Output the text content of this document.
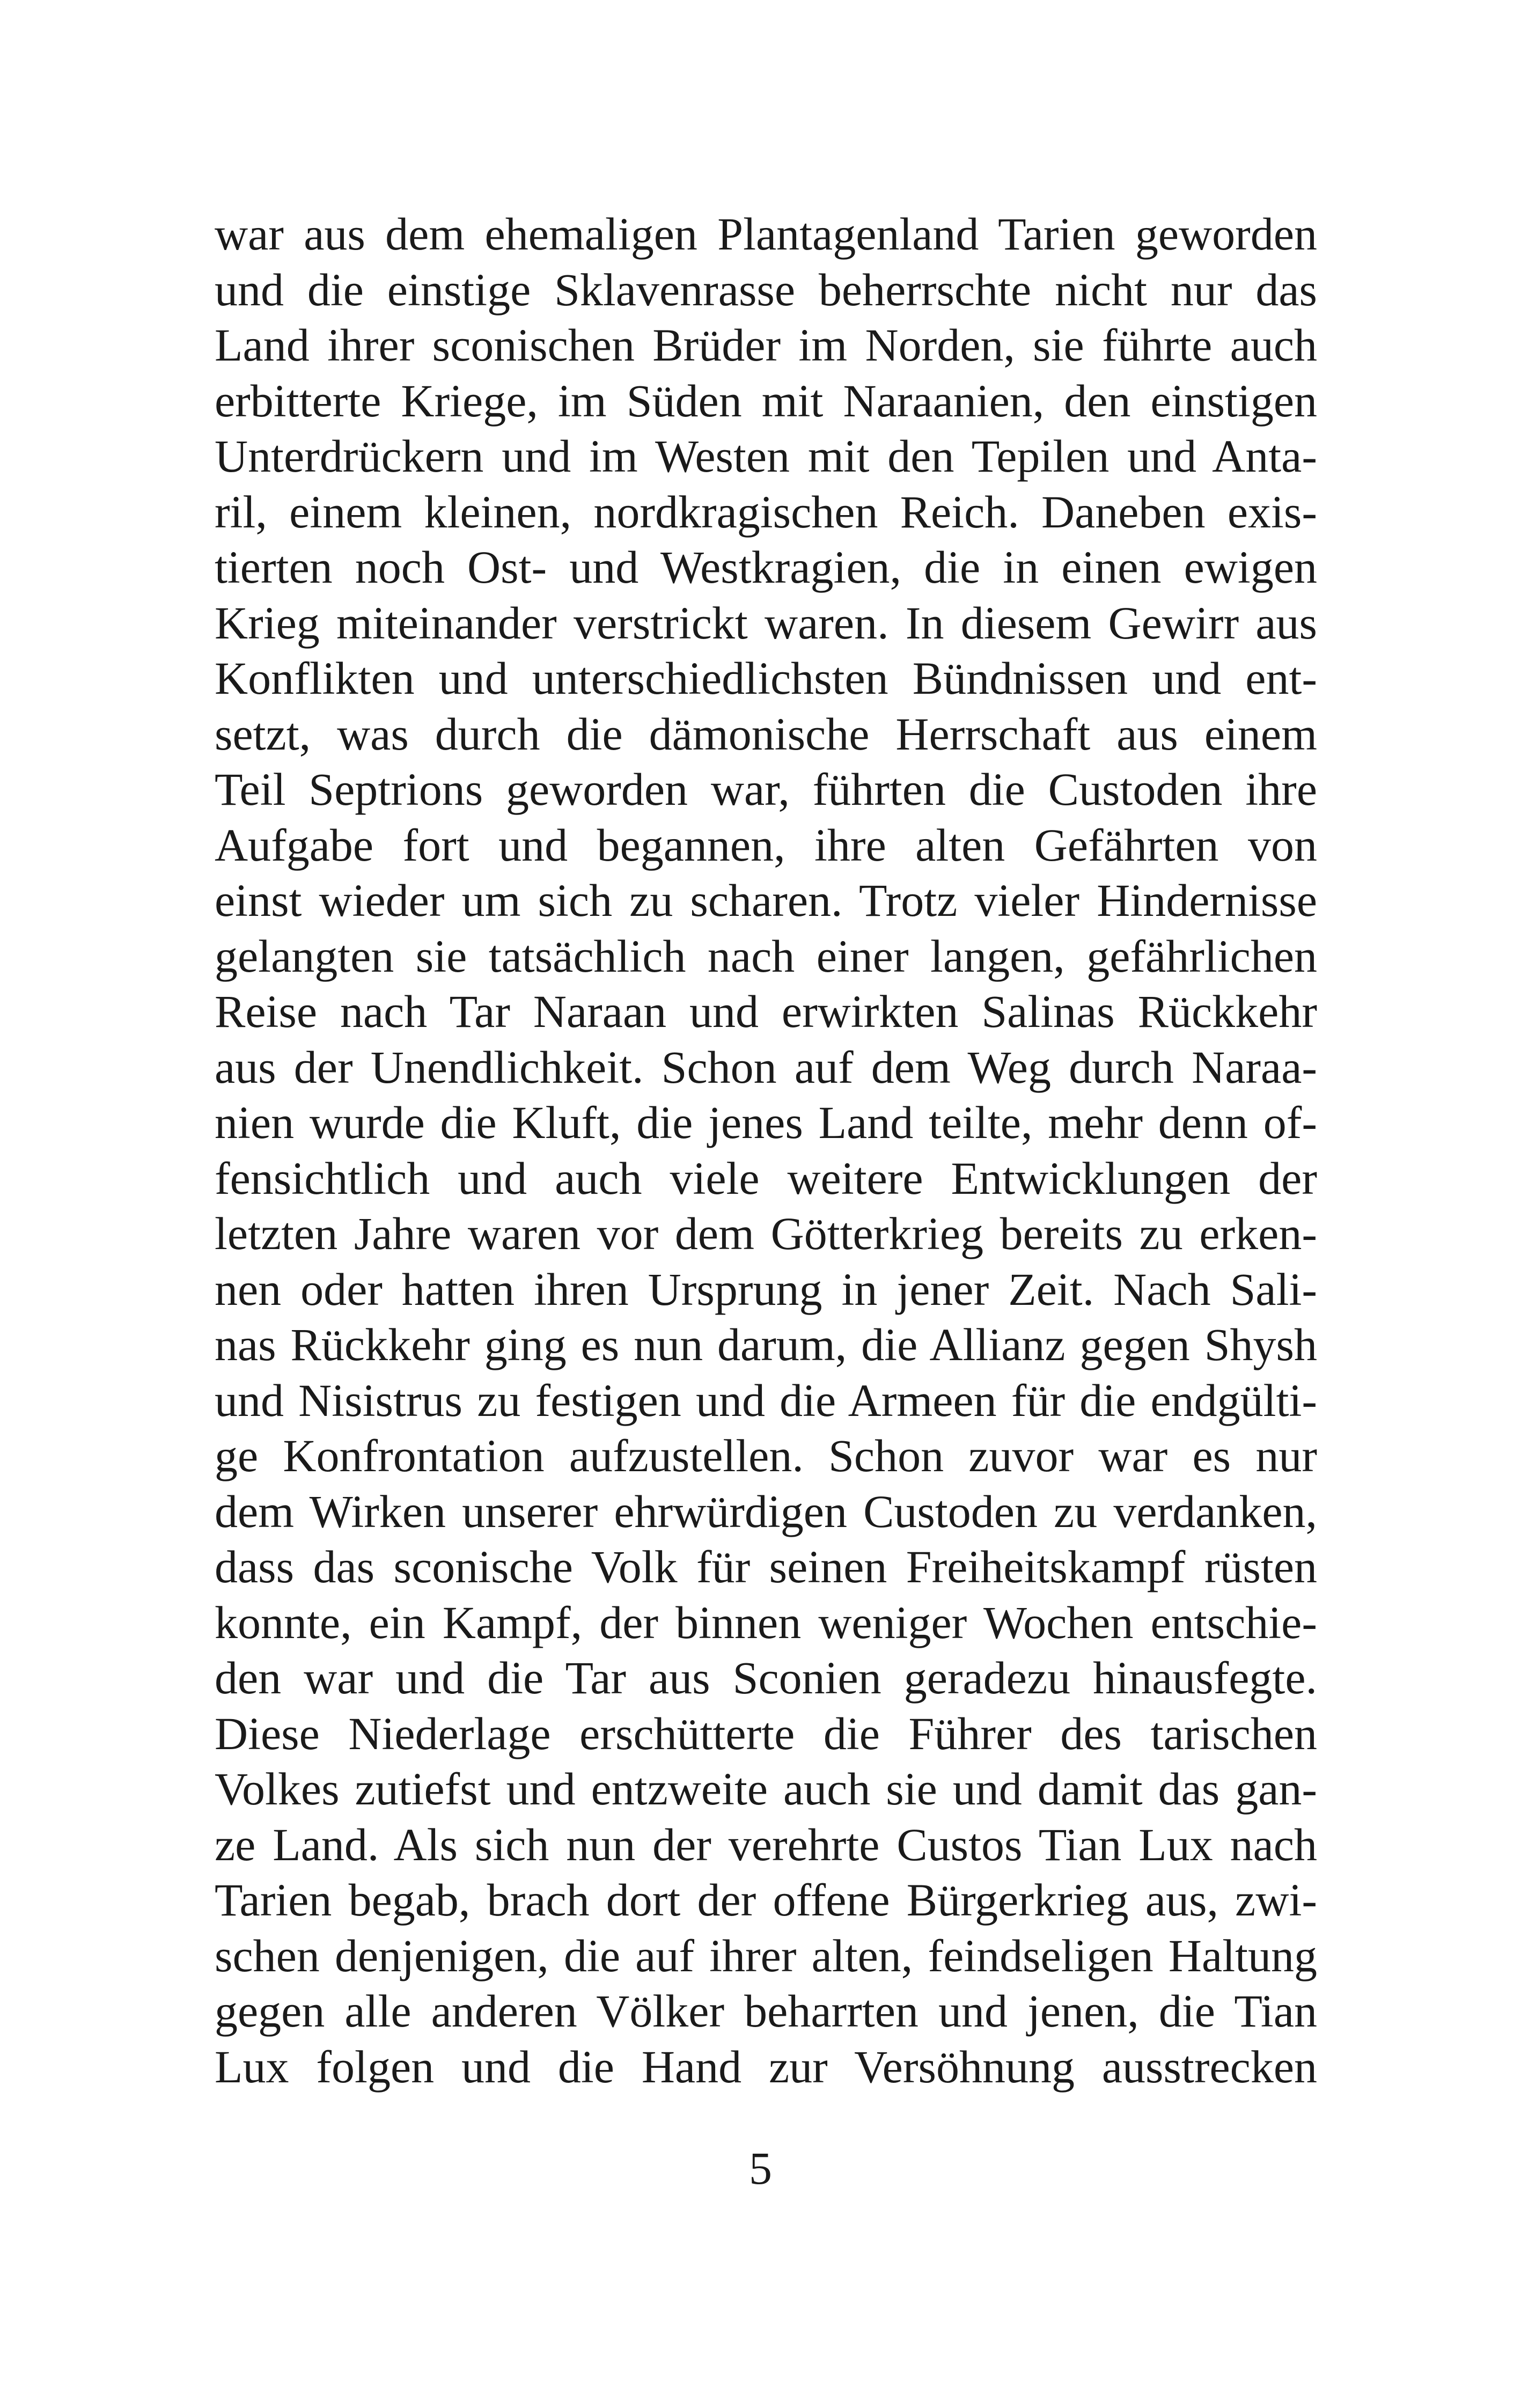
war aus dem ehemaligen Plantagenland Tarien geworden
und die einstige Sklavenrasse beherrschte nicht nur das
Land ihrer sconischen Brüder im Norden, sie führte auch
erbitterte Kriege, im Süden mit Naraanien, den einstigen
Unterdrückern und im Westen mit den Tepilen und Anta-
ril, einem kleinen, nordkragischen Reich. Daneben exis-
tierten noch Ost- und Westkragien, die in einen ewigen
Krieg miteinander verstrickt waren. In diesem Gewirr aus
Konflikten und unterschiedlichsten Bündnissen und ent-
setzt, was durch die dämonische Herrschaft aus einem
Teil Septrions geworden war, führten die Custoden ihre
Aufgabe fort und begannen, ihre alten Gefährten von
einst wieder um sich zu scharen. Trotz vieler Hindernisse
gelangten sie tatsächlich nach einer langen, gefährlichen
Reise nach Tar Naraan und erwirkten Salinas Rückkehr
aus der Unendlichkeit. Schon auf dem Weg durch Naraa-
nien wurde die Kluft, die jenes Land teilte, mehr denn of-
fensichtlich und auch viele weitere Entwicklungen der
letzten Jahre waren vor dem Götterkrieg bereits zu erken-
nen oder hatten ihren Ursprung in jener Zeit. Nach Sali-
nas Rückkehr ging es nun darum, die Allianz gegen Shysh
und Nisistrus zu festigen und die Armeen für die endgülti-
ge Konfrontation aufzustellen. Schon zuvor war es nur
dem Wirken unserer ehrwürdigen Custoden zu verdanken,
dass das sconische Volk für seinen Freiheitskampf rüsten
konnte, ein Kampf, der binnen weniger Wochen entschie-
den war und die Tar aus Sconien geradezu hinausfegte.
Diese Niederlage erschütterte die Führer des tarischen
Volkes zutiefst und entzweite auch sie und damit das gan-
ze Land. Als sich nun der verehrte Custos Tian Lux nach
Tarien begab, brach dort der offene Bürgerkrieg aus, zwi-
schen denjenigen, die auf ihrer alten, feindseligen Haltung
gegen alle anderen Völker beharrten und jenen, die Tian
Lux folgen und die Hand zur Versöhnung ausstrecken
5
